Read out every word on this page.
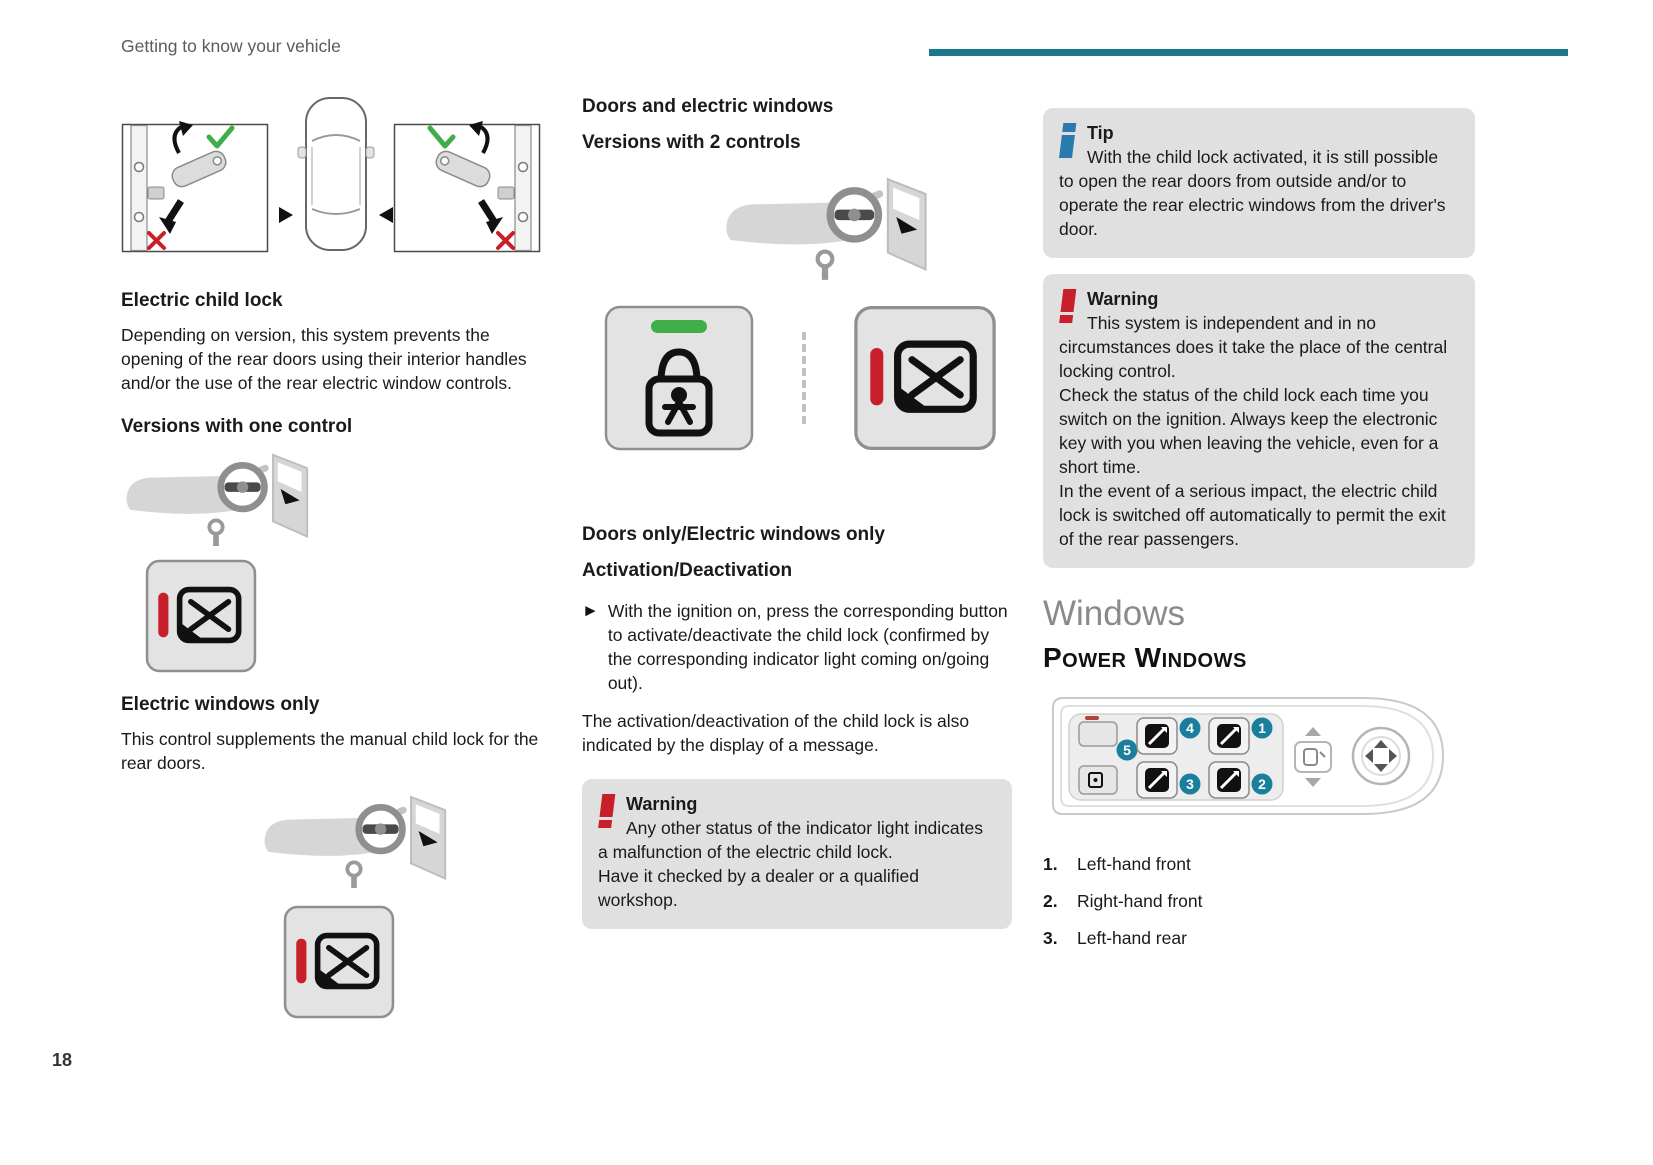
Getting to know your vehicle
Electric child lock

Depending on version, this system prevents the opening of the rear doors using their interior handles and/or the use of the rear electric window controls.

Versions with one control
Electric windows only

This control supplements the manual child lock for the rear doors.

Doors and electric windows
Versions with 2 controls
Doors only/Electric windows only
Activation/Deactivation
► With the ignition on, press the corresponding button to activate/deactivate the child lock (confirmed by the corresponding indicator light coming on/going out).

The activation/deactivation of the child lock is also indicated by the display of a message.

Warning

Any other status of the indicator light indicates a malfunction of the electric child lock.

Have it checked by a dealer or a qualified workshop.

Tip

With the child lock activated, it is still possible to open the rear doors from outside and/or to operate the rear electric windows from the driver's door.

Warning

This system is independent and in no circumstances does it take the place of the central locking control.

Check the status of the child lock each time you switch on the ignition. Always keep the electronic key with you when leaving the vehicle, even for a short time.

In the event of a serious impact, the electric child lock is switched off automatically to permit the exit of the rear passengers.

Windows
Power Windows
5
4
3
1
2
1.	Left-hand front
2.	Right-hand front
3.	Left-hand rear
18
